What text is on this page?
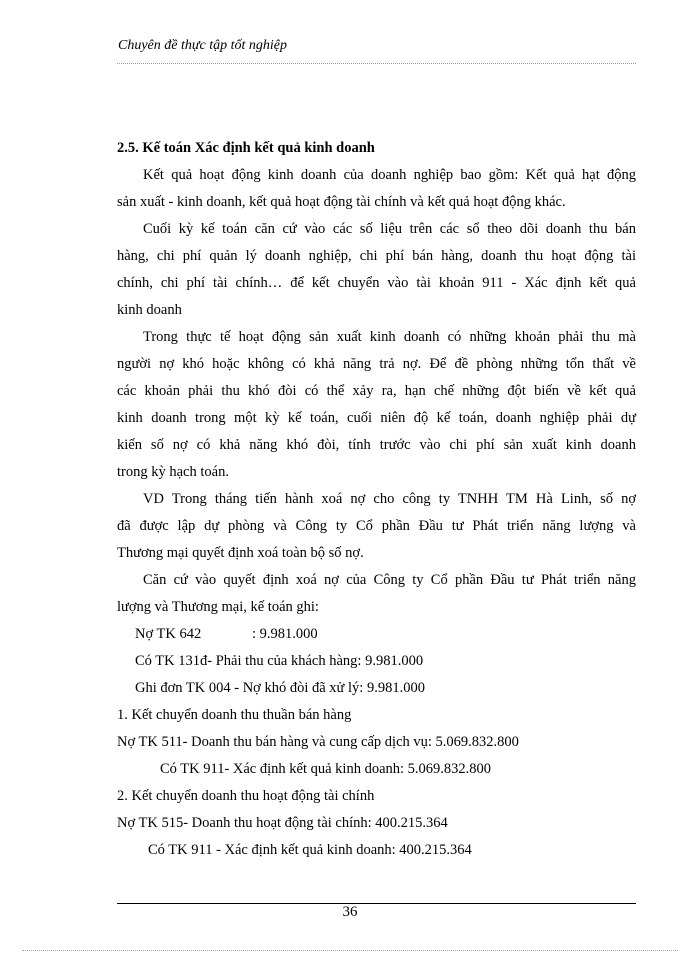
Chuyên đề thực tập tốt nghiệp
2.5. Kế toán Xác định kết quả kinh doanh
Kết quả hoạt động kinh doanh của doanh nghiệp bao gồm: Kết quả hạt động
sản xuất - kinh doanh, kết quả hoạt động tài chính và kết quả hoạt động khác.
Cuối kỳ kế toán căn cứ vào các số liệu trên các sổ theo dõi doanh thu bán
hàng, chi phí quản lý doanh nghiệp, chi phí bán hàng, doanh thu hoạt động tài
chính, chi phí tài chính… để kết chuyển vào tài khoản 911 - Xác định kết quả
kinh doanh
Trong thực tế hoạt động sản xuất kinh doanh có những khoản phải thu mà
người nợ khó hoặc không có khả năng trả nợ. Để đề phòng những tổn thất về
các khoản phải thu khó đòi có thể xảy ra, hạn chế những đột biến về kết quả
kinh doanh trong một kỳ kế toán, cuối niên độ kế toán, doanh nghiệp phải dự
kiến số nợ có khả năng khó đòi, tính trước vào chi phí sản xuất kinh doanh
trong kỳ hạch toán.
VD Trong tháng tiến hành xoá nợ cho công ty TNHH TM Hà Linh, số nợ
đã được lập dự phòng và Công ty Cổ phần Đầu tư Phát triển năng lượng và
Thương mại quyết định xoá toàn bộ số nợ.
Căn cứ vào quyết định xoá nợ của Công ty Cổ phần Đầu tư Phát triển năng
lượng và Thương mại, kế toán ghi:
Nợ TK 642              : 9.981.000
Có TK 131đ- Phải thu của khách hàng: 9.981.000
Ghi đơn TK 004 - Nợ khó đòi đã xử lý: 9.981.000
1. Kết chuyển doanh thu thuần bán hàng
Nợ TK 511- Doanh thu bán hàng và cung cấp dịch vụ: 5.069.832.800
Có TK 911- Xác định kết quả kinh doanh: 5.069.832.800
2. Kết chuyển doanh thu hoạt động tài chính
Nợ TK 515- Doanh thu hoạt động tài chính: 400.215.364
Có TK 911 - Xác định kết quả kinh doanh: 400.215.364
36
